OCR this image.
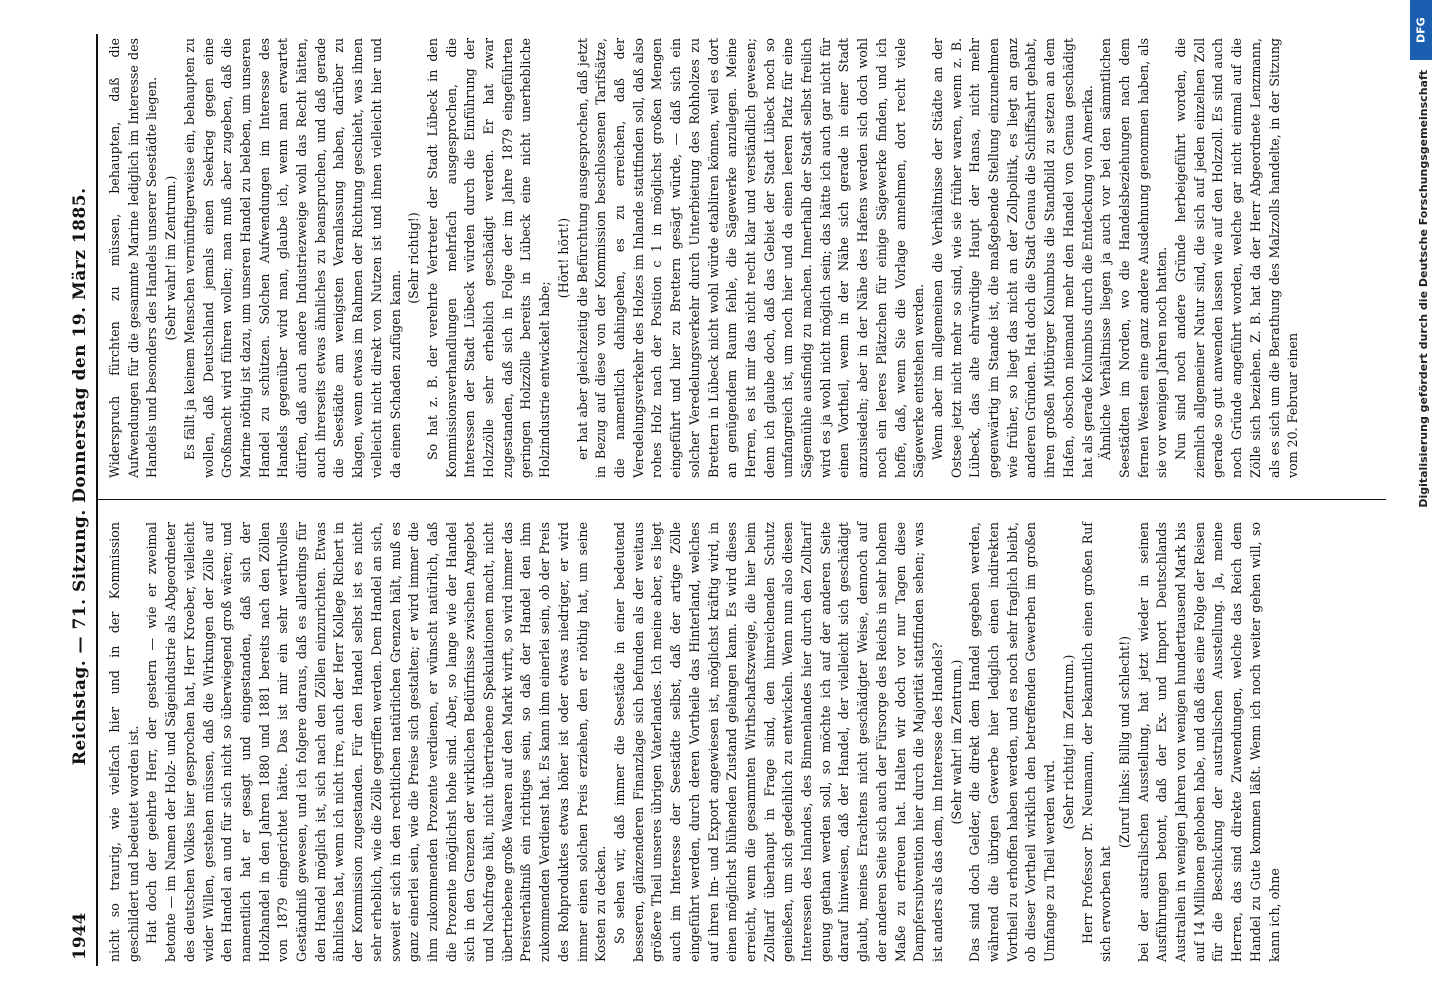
1944
Reichstag. — 71. Sitzung. Donnerstag den 19. März 1885. nicht so traurig, wie vielfach hier und in der Kommission geschildert und bedeutet worden ist. Hat doch der geehrte Herr, der gestern — wie er zweimal betonte — im Namen der Holz- und Sägeindustrie als Abgeordneter des deutschen Volkes hier gesprochen hat, Herr Kroeber, vielleicht wider Willen, gestehen müssen, daß die Wirkungen der Zölle auf den Handel an und für sich nicht so überwiegend groß wären; und namentlich hat er gesagt und eingestanden, daß sich der Holzhandel in den Jahren 1880 und 1881 bereits nach den Zöllen von 1879 eingerichtet hätte. Das ist mir ein sehr werthvolles Geständniß gewesen, und ich folgere daraus, daß es allerdings für den Handel möglich ist, sich nach den Zöllen einzurichten. Etwas ähnliches hat, wenn ich nicht irre, auch der Herr Kollege Richert in der Kommission zugestanden. Für den Handel selbst ist es nicht sehr erheblich, wie die Zölle gegriffen werden. Dem Handel an sich, soweit er sich in den rechtlichen natürlichen Grenzen hält, muß es ganz einerlei sein, wie die Preise sich gestalten; er wird immer die ihm zukommenden Prozente verdienen, er wünscht natürlich, daß die Prozente möglichst hohe sind. Aber, so lange wie der Handel sich in den Grenzen der wirklichen Bedürfnisse zwischen Angebot und Nachfrage hält, nicht übertriebene Spekulationen macht, nicht übertriebene große Waaren auf den Markt wirft, so wird immer das Preisverhältniß ein richtiges sein, so daß der Handel den ihm zukommenden Verdienst hat. Es kann ihm einerlei sein, ob der Preis des Rohproduktes etwas höher ist oder etwas niedriger, er wird immer einen solchen Preis erziehen, den er nöthig hat, um seine Kosten zu decken. So sehen wir, daß immer die Seestädte in einer bedeutend besseren, glänzenderen Finanzlage sich befunden als der weitaus größere Theil unseres übrigen Vaterlandes. Ich meine aber, es liegt auch im Interesse der Seestädte selbst, daß der artige Zölle eingeführt werden, durch deren Vortheile das Hinterland, welches auf ihren Im- und Export angewiesen ist, möglichst kräftig wird, in einen möglichst blühenden Zustand gelangen kann. Es wird dieses erreicht, wenn die gesammten Wirthschaftszweige, die hier beim Zolltarif überhaupt in Frage sind, den hinreichenden Schutz genießen, um sich gedeihlich zu entwickeln. Wenn nun also diesen Interessen des Inlandes, des Binnenlandes hier durch den Zolltarif genug gethan werden soll, so möchte ich auf der anderen Seite darauf hinweisen, daß der Handel, der vielleicht sich geschädigt glaubt, meines Erachtens nicht geschädigter Weise, dennoch auf der anderen Seite sich auch der Fürsorge des Reichs in sehr hohem Maße zu erfreuen hat. Halten wir doch vor nur Tagen diese Dampfersubvention hier durch die Majorität stattfinden sehen; was ist anders als das dem, im Interesse des Handels? (Sehr wahr! im Zentrum.) Das sind doch Gelder, die direkt dem Handel gegeben werden, während die übrigen Gewerbe hier lediglich einen indirekten Vortheil zu erhoffen haben werden, und es noch sehr fraglich bleibt, ob dieser Vortheil wirklich den betreffenden Gewerben im großen Umfange zu Theil werden wird.

(Sehr richtig! im Zentrum.) Herr Professor Dr. Neumann, der bekanntlich einen großen Ruf sich erworben hat

(Zuruf links: Billig und schlecht!) bei der australischen Ausstellung, hat jetzt wieder in seinen Ausführungen betont, daß der Ex- und Import Deutschlands Australien in wenigen Jahren von wenigen hunderttausend Mark bis auf 14 Millionen gehoben habe, und daß dies eine Folge der Reisen für die Beschickung der australischen Ausstellung. Ja, meine Herren, das sind direkte Zuwendungen, welche das Reich dem Handel zu Gute kommen läßt. Wenn ich noch weiter gehen will, so kann ich, ohne

Widerspruch fürchten zu müssen, behaupten, daß die Aufwendungen für die gesammte Marine lediglich im Interesse des Handels und besonders des Handels unserer Seestädte liegen. (Sehr wahr! im Zentrum.) Es fällt ja keinem Menschen vernünftigerweise ein, behaupten zu wollen, daß Deutschland jemals einen Seekrieg gegen eine Großmacht wird führen wollen; man muß aber zugeben, daß die Marine nöthig ist dazu, um unseren Handel zu beleben, um unseren Handel zu schützen. Solchen Aufwendungen im Interesse des Handels gegenüber wird man, glaube ich, wenn man erwartet dürfen, daß auch andere Industriezweige wohl das Recht hätten, auch ihrerseits etwas ähnliches zu beanspruchen, und daß gerade die Seestädte am wenigsten Veranlassung haben, darüber zu klagen, wenn etwas im Rahmen der Richtung geschieht, was ihnen vielleicht nicht direkt von Nutzen ist und ihnen vielleicht hier und da einen Schaden zufügen kann.

(Sehr richtig!) So hat z. B. der verehrte Vertreter der Stadt Lübeck in den Kommissionsverhandlungen mehrfach ausgesprochen, die Interessen der Stadt Lübeck würden durch die Einführung der Holzzölle sehr erheblich geschädigt werden. Er hat zwar zugestanden, daß sich in Folge der im Jahre 1879 eingeführten geringen Holzzölle bereits in Lübeck eine nicht unerhebliche Holzindustrie entwickelt habe;

(Hört! hört!) er hat aber gleichzeitig die Befürchtung ausgesprochen, daß jetzt in Bezug auf diese von der Kommission beschlossenen Tarifsätze, die namentlich dahingehen, es zu erreichen, daß der Veredelungsverkehr des Holzes im Inlande stattfinden soll, daß also rohes Holz nach der Position c 1 in möglichst großen Mengen eingeführt und hier zu Brettern gesägt würde, — daß sich ein solcher Veredelungsverkehr durch Unterbietung des Rohholzes zu Brettern in Lübeck nicht wohl würde etabliren können, weil es dort an genügendem Raum fehle, die Sägewerke anzulegen. Meine Herren, es ist mir das nicht recht klar und verständlich gewesen; denn ich glaube doch, daß das Gebiet der Stadt Lübeck noch so umfangreich ist, um noch hier und da einen leeren Platz für eine Sägemühle ausfindig zu machen. Innerhalb der Stadt selbst freilich wird es ja wohl nicht möglich sein; das hätte ich auch gar nicht für einen Vortheil, wenn in der Nähe sich gerade in einer Stadt anzusiedeln; aber in der Nähe des Hafens werden sich doch wohl noch ein leeres Plätzchen für einige Sägewerke finden, und ich hoffe, daß, wenn Sie die Vorlage annehmen, dort recht viele Sägewerke entstehen werden. Wenn aber im allgemeinen die Verhältnisse der Städte an der Ostsee jetzt nicht mehr so sind, wie sie früher waren, wenn z. B. Lübeck, das alte ehrwürdige Haupt der Hansa, nicht mehr gegenwärtig im Stande ist, die maßgebende Stellung einzunehmen wie früher, so liegt das nicht an der Zollpolitik, es liegt an ganz anderen Gründen. Hat doch die Stadt Genua die Schiffsahrt gehabt, ihren großen Mitbürger Kolumbus die Standbild zu setzen an dem Hafen, obschon niemand mehr den Handel von Genua geschädigt hat als gerade Kolumbus durch die Entdeckung von Amerika. Ähnliche Verhältnisse liegen ja auch vor bei den sämmtlichen Seestädten im Norden, wo die Handelsbeziehungen nach dem fernen Westen eine ganz andere Ausdehnung genommen haben, als sie vor wenigen Jahren noch hatten. Nun sind noch andere Gründe herbeigeführt worden, die ziemlich allgemeiner Natur sind, die sich auf jeden einzelnen Zoll gerade so gut anwenden lassen wie auf den Holzzoll. Es sind auch noch Gründe angeführt worden, welche gar nicht einmal auf die Zölle sich beziehen. Z. B. hat da der Herr Abgeordnete Lenzmann, als es sich um die Berathung des Malzzolls handelte, in der Sitzung vom 20. Februar einen

DFG
Digitalisierung gefördert durch die Deutsche Forschungsgemeinschaft
